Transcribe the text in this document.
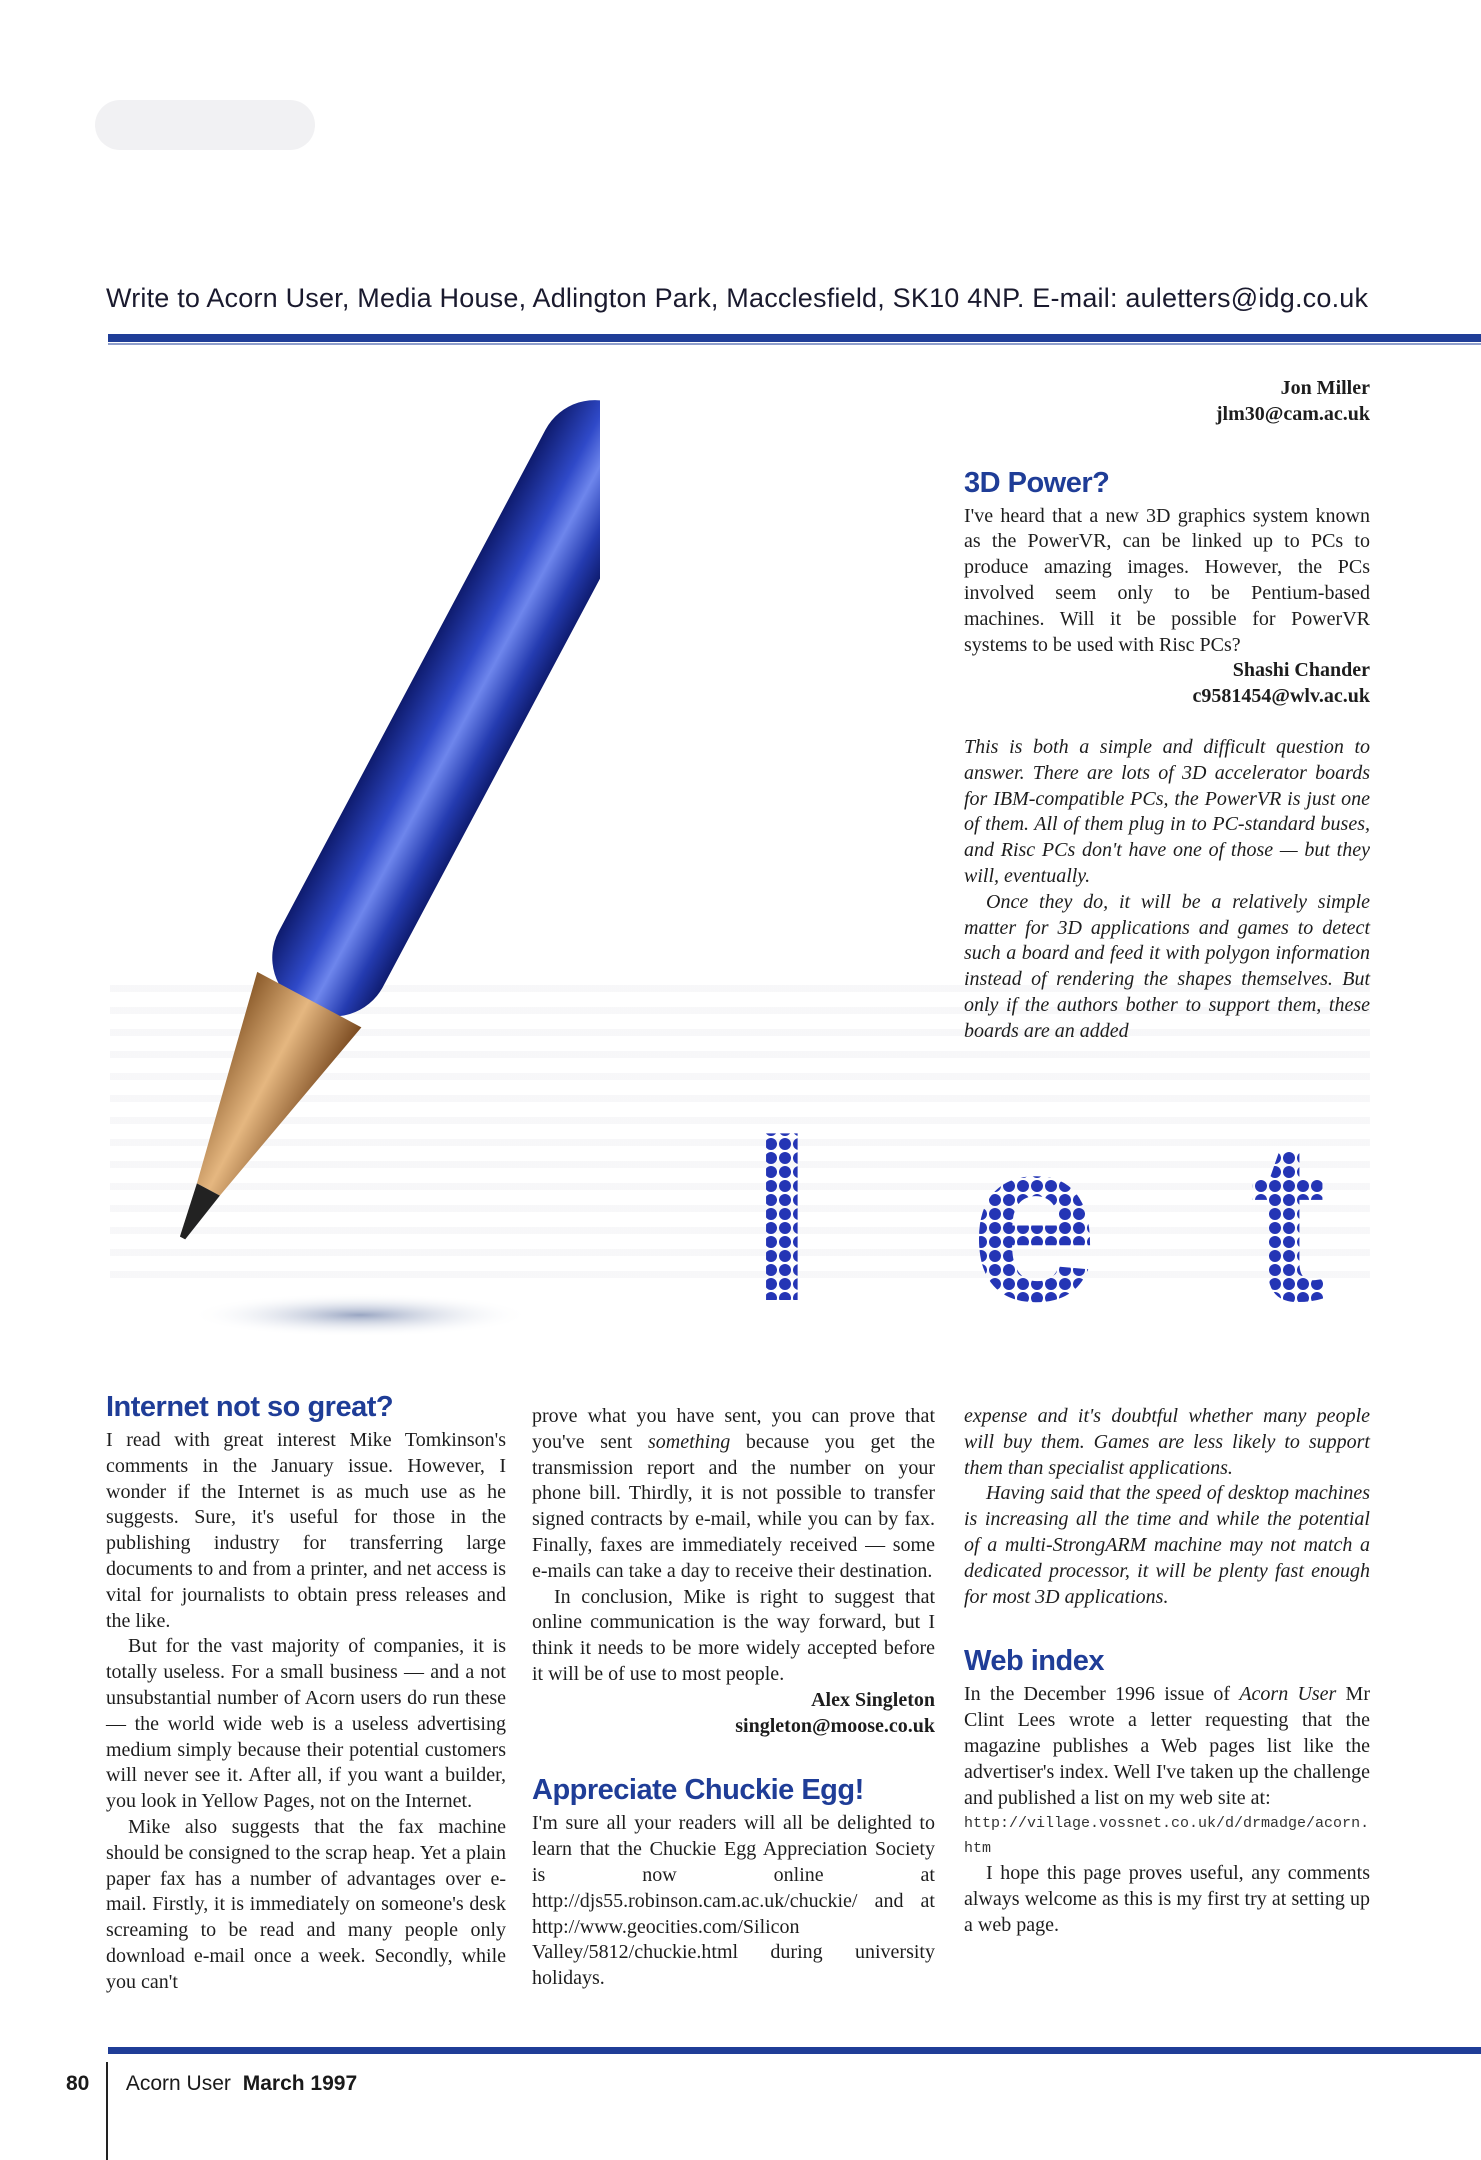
Write to Acorn User, Media House, Adlington Park, Macclesfield, SK10 4NP. E-mail: auletters@idg.co.uk
l e t

Jon Miller

jlm30@cam.ac.uk

3D Power?

I've heard that a new 3D graphics system known as the PowerVR, can be linked up to PCs to produce amazing images. However, the PCs involved seem only to be Pentium-based machines. Will it be possible for PowerVR systems to be used with Risc PCs?

Shashi Chander

c9581454@wlv.ac.uk

This is both a simple and difficult question to answer. There are lots of 3D accelerator boards for IBM-compatible PCs, the PowerVR is just one of them. All of them plug in to PC-standard buses, and Risc PCs don't have one of those — but they will, eventually.

Once they do, it will be a relatively simple matter for 3D applications and games to detect such a board and feed it with polygon information instead of rendering the shapes themselves. But only if the authors bother to support them, these boards are an added

Internet not so great?

I read with great interest Mike Tomkinson's comments in the January issue. However, I wonder if the Internet is as much use as he suggests. Sure, it's useful for those in the publishing industry for transferring large documents to and from a printer, and net access is vital for journalists to obtain press releases and the like.

But for the vast majority of companies, it is totally useless. For a small business — and a not unsubstantial number of Acorn users do run these — the world wide web is a useless advertising medium simply because their potential customers will never see it. After all, if you want a builder, you look in Yellow Pages, not on the Internet.

Mike also suggests that the fax machine should be consigned to the scrap heap. Yet a plain paper fax has a number of advantages over e-mail. Firstly, it is immediately on someone's desk screaming to be read and many people only download e-mail once a week. Secondly, while you can't

prove what you have sent, you can prove that you've sent something because you get the transmission report and the number on your phone bill. Thirdly, it is not possible to transfer signed contracts by e-mail, while you can by fax. Finally, faxes are immediately received — some e-mails can take a day to receive their destination.

In conclusion, Mike is right to suggest that online communication is the way forward, but I think it needs to be more widely accepted before it will be of use to most people.

Alex Singleton

singleton@moose.co.uk

Appreciate Chuckie Egg!

I'm sure all your readers will all be delighted to learn that the Chuckie Egg Appreciation Society is now online at http://djs55.robinson.cam.ac.uk/chuckie/ and at http://www.geocities.com/Silicon Valley/5812/chuckie.html during university holidays.

expense and it's doubtful whether many people will buy them. Games are less likely to support them than specialist applications.

Having said that the speed of desktop machines is increasing all the time and while the potential of a multi-StrongARM machine may not match a dedicated processor, it will be plenty fast enough for most 3D applications.

Web index

In the December 1996 issue of Acorn User Mr Clint Lees wrote a letter requesting that the magazine publishes a Web pages list like the advertiser's index. Well I've taken up the challenge and published a list on my web site at:

http://village.vossnet.co.uk/d/drmadge/acorn.htm

I hope this page proves useful, any comments always welcome as this is my first try at setting up a web page.

80 Acorn User March 1997
